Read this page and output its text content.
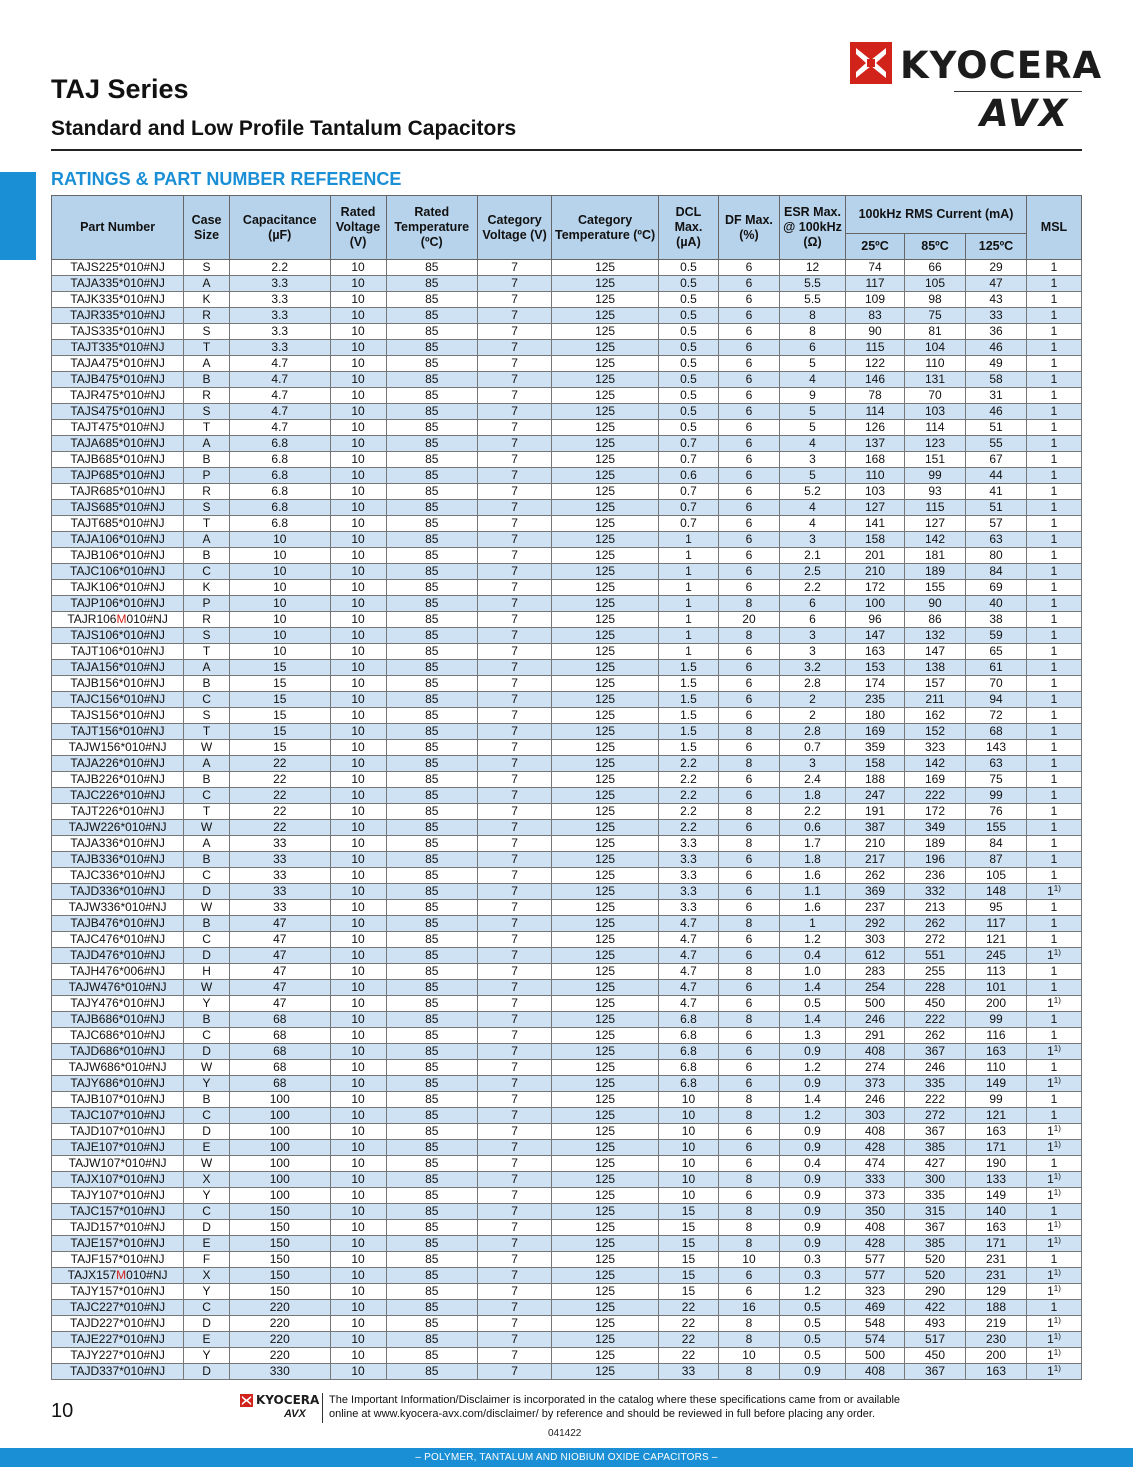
TAJ Series
Standard and Low Profile Tantalum Capacitors
KYOCERA
AVX
RATINGS & PART NUMBER REFERENCE
Part Number	Case Size	Capacitance (µF)	Rated Voltage (V)	Rated Temperature (ºC)	Category Voltage (V)	Category Temperature (ºC)	DCL Max. (µA)	DF Max. (%)	ESR Max. @ 100kHz (Ω)	100kHz RMS Current (mA)			MSL
										25ºC	85ºC	125ºC	
TAJS225*010#NJ	S	2.2	10	85	7	125	0.5	6	12	74	66	29	1
TAJA335*010#NJ	A	3.3	10	85	7	125	0.5	6	5.5	117	105	47	1
TAJK335*010#NJ	K	3.3	10	85	7	125	0.5	6	5.5	109	98	43	1
TAJR335*010#NJ	R	3.3	10	85	7	125	0.5	6	8	83	75	33	1
TAJS335*010#NJ	S	3.3	10	85	7	125	0.5	6	8	90	81	36	1
TAJT335*010#NJ	T	3.3	10	85	7	125	0.5	6	6	115	104	46	1
TAJA475*010#NJ	A	4.7	10	85	7	125	0.5	6	5	122	110	49	1
TAJB475*010#NJ	B	4.7	10	85	7	125	0.5	6	4	146	131	58	1
TAJR475*010#NJ	R	4.7	10	85	7	125	0.5	6	9	78	70	31	1
TAJS475*010#NJ	S	4.7	10	85	7	125	0.5	6	5	114	103	46	1
TAJT475*010#NJ	T	4.7	10	85	7	125	0.5	6	5	126	114	51	1
TAJA685*010#NJ	A	6.8	10	85	7	125	0.7	6	4	137	123	55	1
TAJB685*010#NJ	B	6.8	10	85	7	125	0.7	6	3	168	151	67	1
TAJP685*010#NJ	P	6.8	10	85	7	125	0.6	6	5	110	99	44	1
TAJR685*010#NJ	R	6.8	10	85	7	125	0.7	6	5.2	103	93	41	1
TAJS685*010#NJ	S	6.8	10	85	7	125	0.7	6	4	127	115	51	1
TAJT685*010#NJ	T	6.8	10	85	7	125	0.7	6	4	141	127	57	1
TAJA106*010#NJ	A	10	10	85	7	125	1	6	3	158	142	63	1
TAJB106*010#NJ	B	10	10	85	7	125	1	6	2.1	201	181	80	1
TAJC106*010#NJ	C	10	10	85	7	125	1	6	2.5	210	189	84	1
TAJK106*010#NJ	K	10	10	85	7	125	1	6	2.2	172	155	69	1
TAJP106*010#NJ	P	10	10	85	7	125	1	8	6	100	90	40	1
TAJR106M010#NJ	R	10	10	85	7	125	1	20	6	96	86	38	1
TAJS106*010#NJ	S	10	10	85	7	125	1	8	3	147	132	59	1
TAJT106*010#NJ	T	10	10	85	7	125	1	6	3	163	147	65	1
TAJA156*010#NJ	A	15	10	85	7	125	1.5	6	3.2	153	138	61	1
TAJB156*010#NJ	B	15	10	85	7	125	1.5	6	2.8	174	157	70	1
TAJC156*010#NJ	C	15	10	85	7	125	1.5	6	2	235	211	94	1
TAJS156*010#NJ	S	15	10	85	7	125	1.5	6	2	180	162	72	1
TAJT156*010#NJ	T	15	10	85	7	125	1.5	8	2.8	169	152	68	1
TAJW156*010#NJ	W	15	10	85	7	125	1.5	6	0.7	359	323	143	1
TAJA226*010#NJ	A	22	10	85	7	125	2.2	8	3	158	142	63	1
TAJB226*010#NJ	B	22	10	85	7	125	2.2	6	2.4	188	169	75	1
TAJC226*010#NJ	C	22	10	85	7	125	2.2	6	1.8	247	222	99	1
TAJT226*010#NJ	T	22	10	85	7	125	2.2	8	2.2	191	172	76	1
TAJW226*010#NJ	W	22	10	85	7	125	2.2	6	0.6	387	349	155	1
TAJA336*010#NJ	A	33	10	85	7	125	3.3	8	1.7	210	189	84	1
TAJB336*010#NJ	B	33	10	85	7	125	3.3	6	1.8	217	196	87	1
TAJC336*010#NJ	C	33	10	85	7	125	3.3	6	1.6	262	236	105	1
TAJD336*010#NJ	D	33	10	85	7	125	3.3	6	1.1	369	332	148	1$^{1)}$
TAJW336*010#NJ	W	33	10	85	7	125	3.3	6	1.6	237	213	95	1
TAJB476*010#NJ	B	47	10	85	7	125	4.7	8	1	292	262	117	1
TAJC476*010#NJ	C	47	10	85	7	125	4.7	6	1.2	303	272	121	1
TAJD476*010#NJ	D	47	10	85	7	125	4.7	6	0.4	612	551	245	1$^{1)}$
TAJH476*006#NJ	H	47	10	85	7	125	4.7	8	1.0	283	255	113	1
TAJW476*010#NJ	W	47	10	85	7	125	4.7	6	1.4	254	228	101	1
TAJY476*010#NJ	Y	47	10	85	7	125	4.7	6	0.5	500	450	200	1$^{1)}$
TAJB686*010#NJ	B	68	10	85	7	125	6.8	8	1.4	246	222	99	1
TAJC686*010#NJ	C	68	10	85	7	125	6.8	6	1.3	291	262	116	1
TAJD686*010#NJ	D	68	10	85	7	125	6.8	6	0.9	408	367	163	1$^{1)}$
TAJW686*010#NJ	W	68	10	85	7	125	6.8	6	1.2	274	246	110	1
TAJY686*010#NJ	Y	68	10	85	7	125	6.8	6	0.9	373	335	149	1$^{1)}$
TAJB107*010#NJ	B	100	10	85	7	125	10	8	1.4	246	222	99	1
TAJC107*010#NJ	C	100	10	85	7	125	10	8	1.2	303	272	121	1
TAJD107*010#NJ	D	100	10	85	7	125	10	6	0.9	408	367	163	1$^{1)}$
TAJE107*010#NJ	E	100	10	85	7	125	10	6	0.9	428	385	171	1$^{1)}$
TAJW107*010#NJ	W	100	10	85	7	125	10	6	0.4	474	427	190	1
TAJX107*010#NJ	X	100	10	85	7	125	10	8	0.9	333	300	133	1$^{1)}$
TAJY107*010#NJ	Y	100	10	85	7	125	10	6	0.9	373	335	149	1$^{1)}$
TAJC157*010#NJ	C	150	10	85	7	125	15	8	0.9	350	315	140	1
TAJD157*010#NJ	D	150	10	85	7	125	15	8	0.9	408	367	163	1$^{1)}$
TAJE157*010#NJ	E	150	10	85	7	125	15	8	0.9	428	385	171	1$^{1)}$
TAJF157*010#NJ	F	150	10	85	7	125	15	10	0.3	577	520	231	1
TAJX157M010#NJ	X	150	10	85	7	125	15	6	0.3	577	520	231	1$^{1)}$
TAJY157*010#NJ	Y	150	10	85	7	125	15	6	1.2	323	290	129	1$^{1)}$
TAJC227*010#NJ	C	220	10	85	7	125	22	16	0.5	469	422	188	1
TAJD227*010#NJ	D	220	10	85	7	125	22	8	0.5	548	493	219	1$^{1)}$
TAJE227*010#NJ	E	220	10	85	7	125	22	8	0.5	574	517	230	1$^{1)}$
TAJY227*010#NJ	Y	220	10	85	7	125	22	10	0.5	500	450	200	1$^{1)}$
TAJD337*010#NJ	D	330	10	85	7	125	33	8	0.9	408	367	163	1$^{1)}$
10	KYOCERA
AVX
The Important Information/Disclaimer is incorporated in the catalog where these specifications came from or available
online at www.kyocera-avx.com/disclaimer/ by reference and should be reviewed in full before placing any order.
041422
– POLYMER, TANTALUM AND NIOBIUM OXIDE CAPACITORS –
